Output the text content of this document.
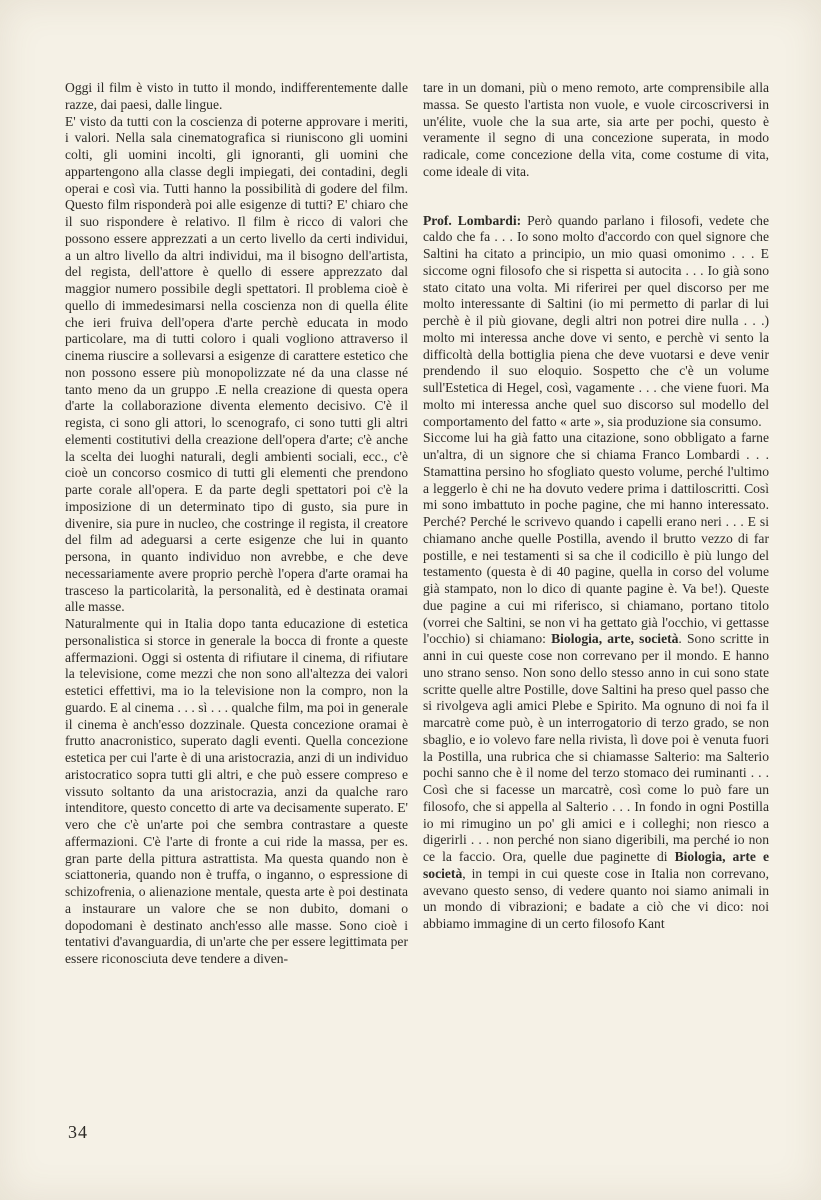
Oggi il film è visto in tutto il mondo, indifferentemente dalle razze, dai paesi, dalle lingue.

E' visto da tutti con la coscienza di poterne approvare i meriti, i valori. Nella sala cinematografica si riuniscono gli uomini colti, gli uomini incolti, gli ignoranti, gli uomini che appartengono alla classe degli impiegati, dei contadini, degli operai e così via. Tutti hanno la possibilità di godere del film. Questo film risponderà poi alle esigenze di tutti? E' chiaro che il suo rispondere è relativo. Il film è ricco di valori che possono essere apprezzati a un certo livello da certi individui, a un altro livello da altri individui, ma il bisogno dell'artista, del regista, dell'attore è quello di essere apprezzato dal maggior numero possibile degli spettatori. Il problema cioè è quello di immedesimarsi nella coscienza non di quella élite che ieri fruiva dell'opera d'arte perchè educata in modo particolare, ma di tutti coloro i quali vogliono attraverso il cinema riuscire a sollevarsi a esigenze di carattere estetico che non possono essere più monopolizzate né da una classe né tanto meno da un gruppo .E nella creazione di questa opera d'arte la collaborazione diventa elemento decisivo. C'è il regista, ci sono gli attori, lo scenografo, ci sono tutti gli altri elementi costitutivi della creazione dell'opera d'arte; c'è anche la scelta dei luoghi naturali, degli ambienti sociali, ecc., c'è cioè un concorso cosmico di tutti gli elementi che prendono parte corale all'opera. E da parte degli spettatori poi c'è la imposizione di un determinato tipo di gusto, sia pure in divenire, sia pure in nucleo, che costringe il regista, il creatore del film ad adeguarsi a certe esigenze che lui in quanto persona, in quanto individuo non avrebbe, e che deve necessariamente avere proprio perchè l'opera d'arte oramai ha trasceso la particolarità, la personalità, ed è destinata oramai alle masse.

Naturalmente qui in Italia dopo tanta educazione di estetica personalistica si storce in generale la bocca di fronte a queste affermazioni. Oggi si ostenta di rifiutare il cinema, di rifiutare la televisione, come mezzi che non sono all'altezza dei valori estetici effettivi, ma io la televisione non la compro, non la guardo. E al cinema . . . sì . . . qualche film, ma poi in generale il cinema è anch'esso dozzinale. Questa concezione oramai è frutto anacronistico, superato dagli eventi. Quella concezione estetica per cui l'arte è di una aristocrazia, anzi di un individuo aristocratico sopra tutti gli altri, e che può essere compreso e vissuto soltanto da una aristocrazia, anzi da qualche raro intenditore, questo concetto di arte va decisamente superato. E' vero che c'è un'arte poi che sembra contrastare a queste affermazioni. C'è l'arte di fronte a cui ride la massa, per es. gran parte della pittura astrattista. Ma questa quando non è sciattoneria, quando non è truffa, o inganno, o espressione di schizofrenia, o alienazione mentale, questa arte è poi destinata a instaurare un valore che se non dubito, domani o dopodomani è destinato anch'esso alle masse. Sono cioè i tentativi d'avanguardia, di un'arte che per essere legittimata per essere riconosciuta deve tendere a diven-

tare in un domani, più o meno remoto, arte comprensibile alla massa. Se questo l'artista non vuole, e vuole circoscriversi in un'élite, vuole che la sua arte, sia arte per pochi, questo è veramente il segno di una concezione superata, in modo radicale, come concezione della vita, come costume di vita, come ideale di vita.

Prof. Lombardi: Però quando parlano i filosofi, vedete che caldo che fa . . . Io sono molto d'accordo con quel signore che Saltini ha citato a principio, un mio quasi omonimo . . . E siccome ogni filosofo che si rispetta si autocita . . . Io già sono stato citato una volta. Mi riferirei per quel discorso per me molto interessante di Saltini (io mi permetto di parlar di lui perchè è il più giovane, degli altri non potrei dire nulla . . .) molto mi interessa anche dove vi sento, e perchè vi sento la difficoltà della bottiglia piena che deve vuotarsi e deve venir prendendo il suo eloquio. Sospetto che c'è un volume sull'Estetica di Hegel, così, vagamente . . . che viene fuori. Ma molto mi interessa anche quel suo discorso sul modello del comportamento del fatto « arte », sia produzione sia consumo.

Siccome lui ha già fatto una citazione, sono obbligato a farne un'altra, di un signore che si chiama Franco Lombardi . . . Stamattina persino ho sfogliato questo volume, perché l'ultimo a leggerlo è chi ne ha dovuto vedere prima i dattiloscritti. Così mi sono imbattuto in poche pagine, che mi hanno interessato. Perché? Perché le scrivevo quando i capelli erano neri . . . E si chiamano anche quelle Postilla, avendo il brutto vezzo di far postille, e nei testamenti si sa che il codicillo è più lungo del testamento (questa è di 40 pagine, quella in corso del volume già stampato, non lo dico di quante pagine è. Va be!). Queste due pagine a cui mi riferisco, si chiamano, portano titolo (vorrei che Saltini, se non vi ha gettato già l'occhio, vi gettasse l'occhio) si chiamano: Biologia, arte, società. Sono scritte in anni in cui queste cose non correvano per il mondo. E hanno uno strano senso. Non sono dello stesso anno in cui sono state scritte quelle altre Postille, dove Saltini ha preso quel passo che si rivolgeva agli amici Plebe e Spirito. Ma ognuno di noi fa il marcatrè come può, è un interrogatorio di terzo grado, se non sbaglio, e io volevo fare nella rivista, lì dove poi è venuta fuori la Postilla, una rubrica che si chiamasse Salterio: ma Salterio pochi sanno che è il nome del terzo stomaco dei ruminanti . . . Così che si facesse un marcatrè, così come lo può fare un filosofo, che si appella al Salterio . . . In fondo in ogni Postilla io mi rimugino un po' gli amici e i colleghi; non riesco a digerirli . . . non perché non siano digeribili, ma perché io non ce la faccio. Ora, quelle due paginette di Biologia, arte e società, in tempi in cui queste cose in Italia non correvano, avevano questo senso, di vedere quanto noi siamo animali in un mondo di vibrazioni; e badate a ciò che vi dico: noi abbiamo immagine di un certo filosofo Kant

34
